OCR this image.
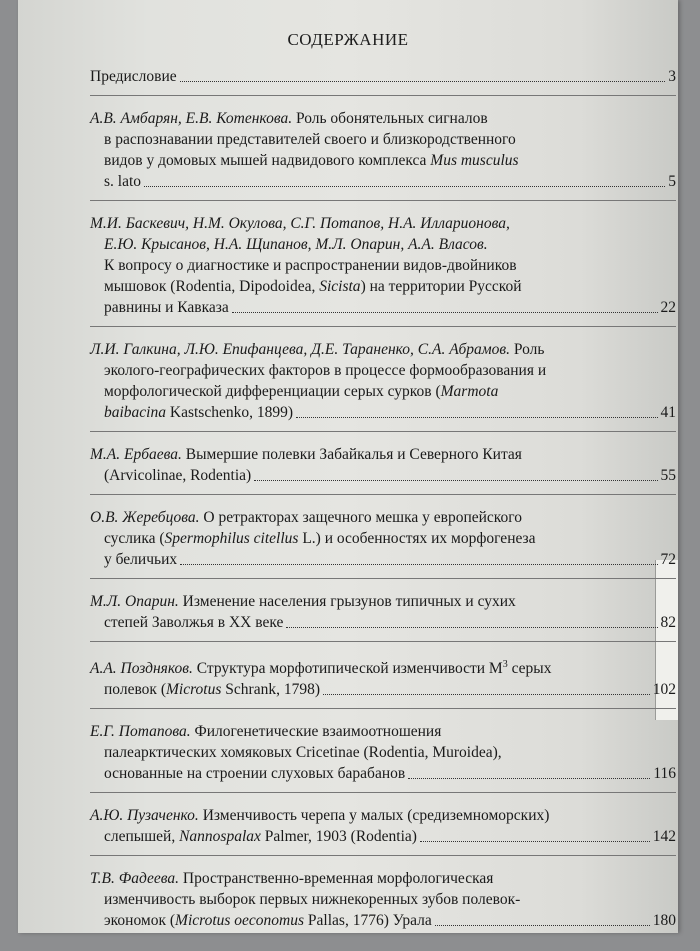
СОДЕРЖАНИЕ
Предисловие	3
А.В. Амбарян, Е.В. Котенкова. Роль обонятельных сигналов
в распознавании представителей своего и близкородственного
видов у домовых мышей надвидового комплекса Mus musculus
s. lato	5
М.И. Баскевич, Н.М. Окулова, С.Г. Потапов, Н.А. Илларионова,
Е.Ю. Крысанов, Н.А. Щипанов, М.Л. Опарин, А.А. Власов.
К вопросу о диагностике и распространении видов-двойников
мышовок (Rodentia, Dipodoidea, Sicista) на территории Русской
равнины и Кавказа	22
Л.И. Галкина, Л.Ю. Епифанцева, Д.Е. Тараненко, С.А. Абрамов. Роль
эколого-географических факторов в процессе формообразования и
морфологической дифференциации серых сурков (Marmota
baibacina Kastschenko, 1899)	41
М.А. Ербаева. Вымершие полевки Забайкалья и Северного Китая
(Arvicolinae, Rodentia)	55
О.В. Жеребцова. О ретракторах защечного мешка у европейского
суслика (Spermophilus citellus L.) и особенностях их морфогенеза
у беличьих	72
М.Л. Опарин. Изменение населения грызунов типичных и сухих
степей Заволжья в XX веке	82
А.А. Поздняков. Структура морфотипической изменчивости $M^3$ серых
полевок (Microtus Schrank, 1798)	102
Е.Г. Потапова. Филогенетические взаимоотношения
палеарктических хомяковых Cricetinae (Rodentia, Muroidea),
основанные на строении слуховых барабанов	116
А.Ю. Пузаченко. Изменчивость черепа у малых (средиземноморских)
слепышей, Nannospalax Palmer, 1903 (Rodentia)	142
Т.В. Фадеева. Пространственно-временная морфологическая
изменчивость выборок первых нижнекоренных зубов полевок-
экономок (Microtus oeconomus Pallas, 1776) Урала	180
